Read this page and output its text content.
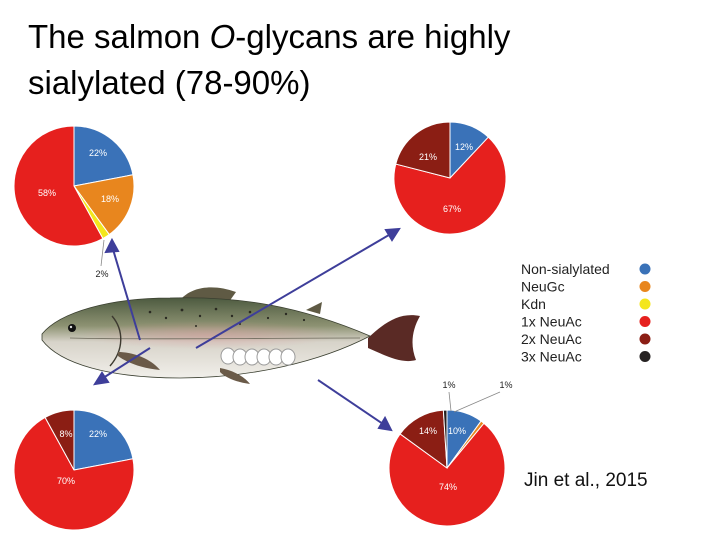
The salmon O-glycans are highly
sialylated (78-90%)
22%
18%
2%
58%
12%
67%
21%
22%
70%
8%	10%
1%
74%
14%
1%
Non-sialylated
NeuGc
Kdn
1x NeuAc
2x NeuAc
3x NeuAc
Jin et al., 2015
